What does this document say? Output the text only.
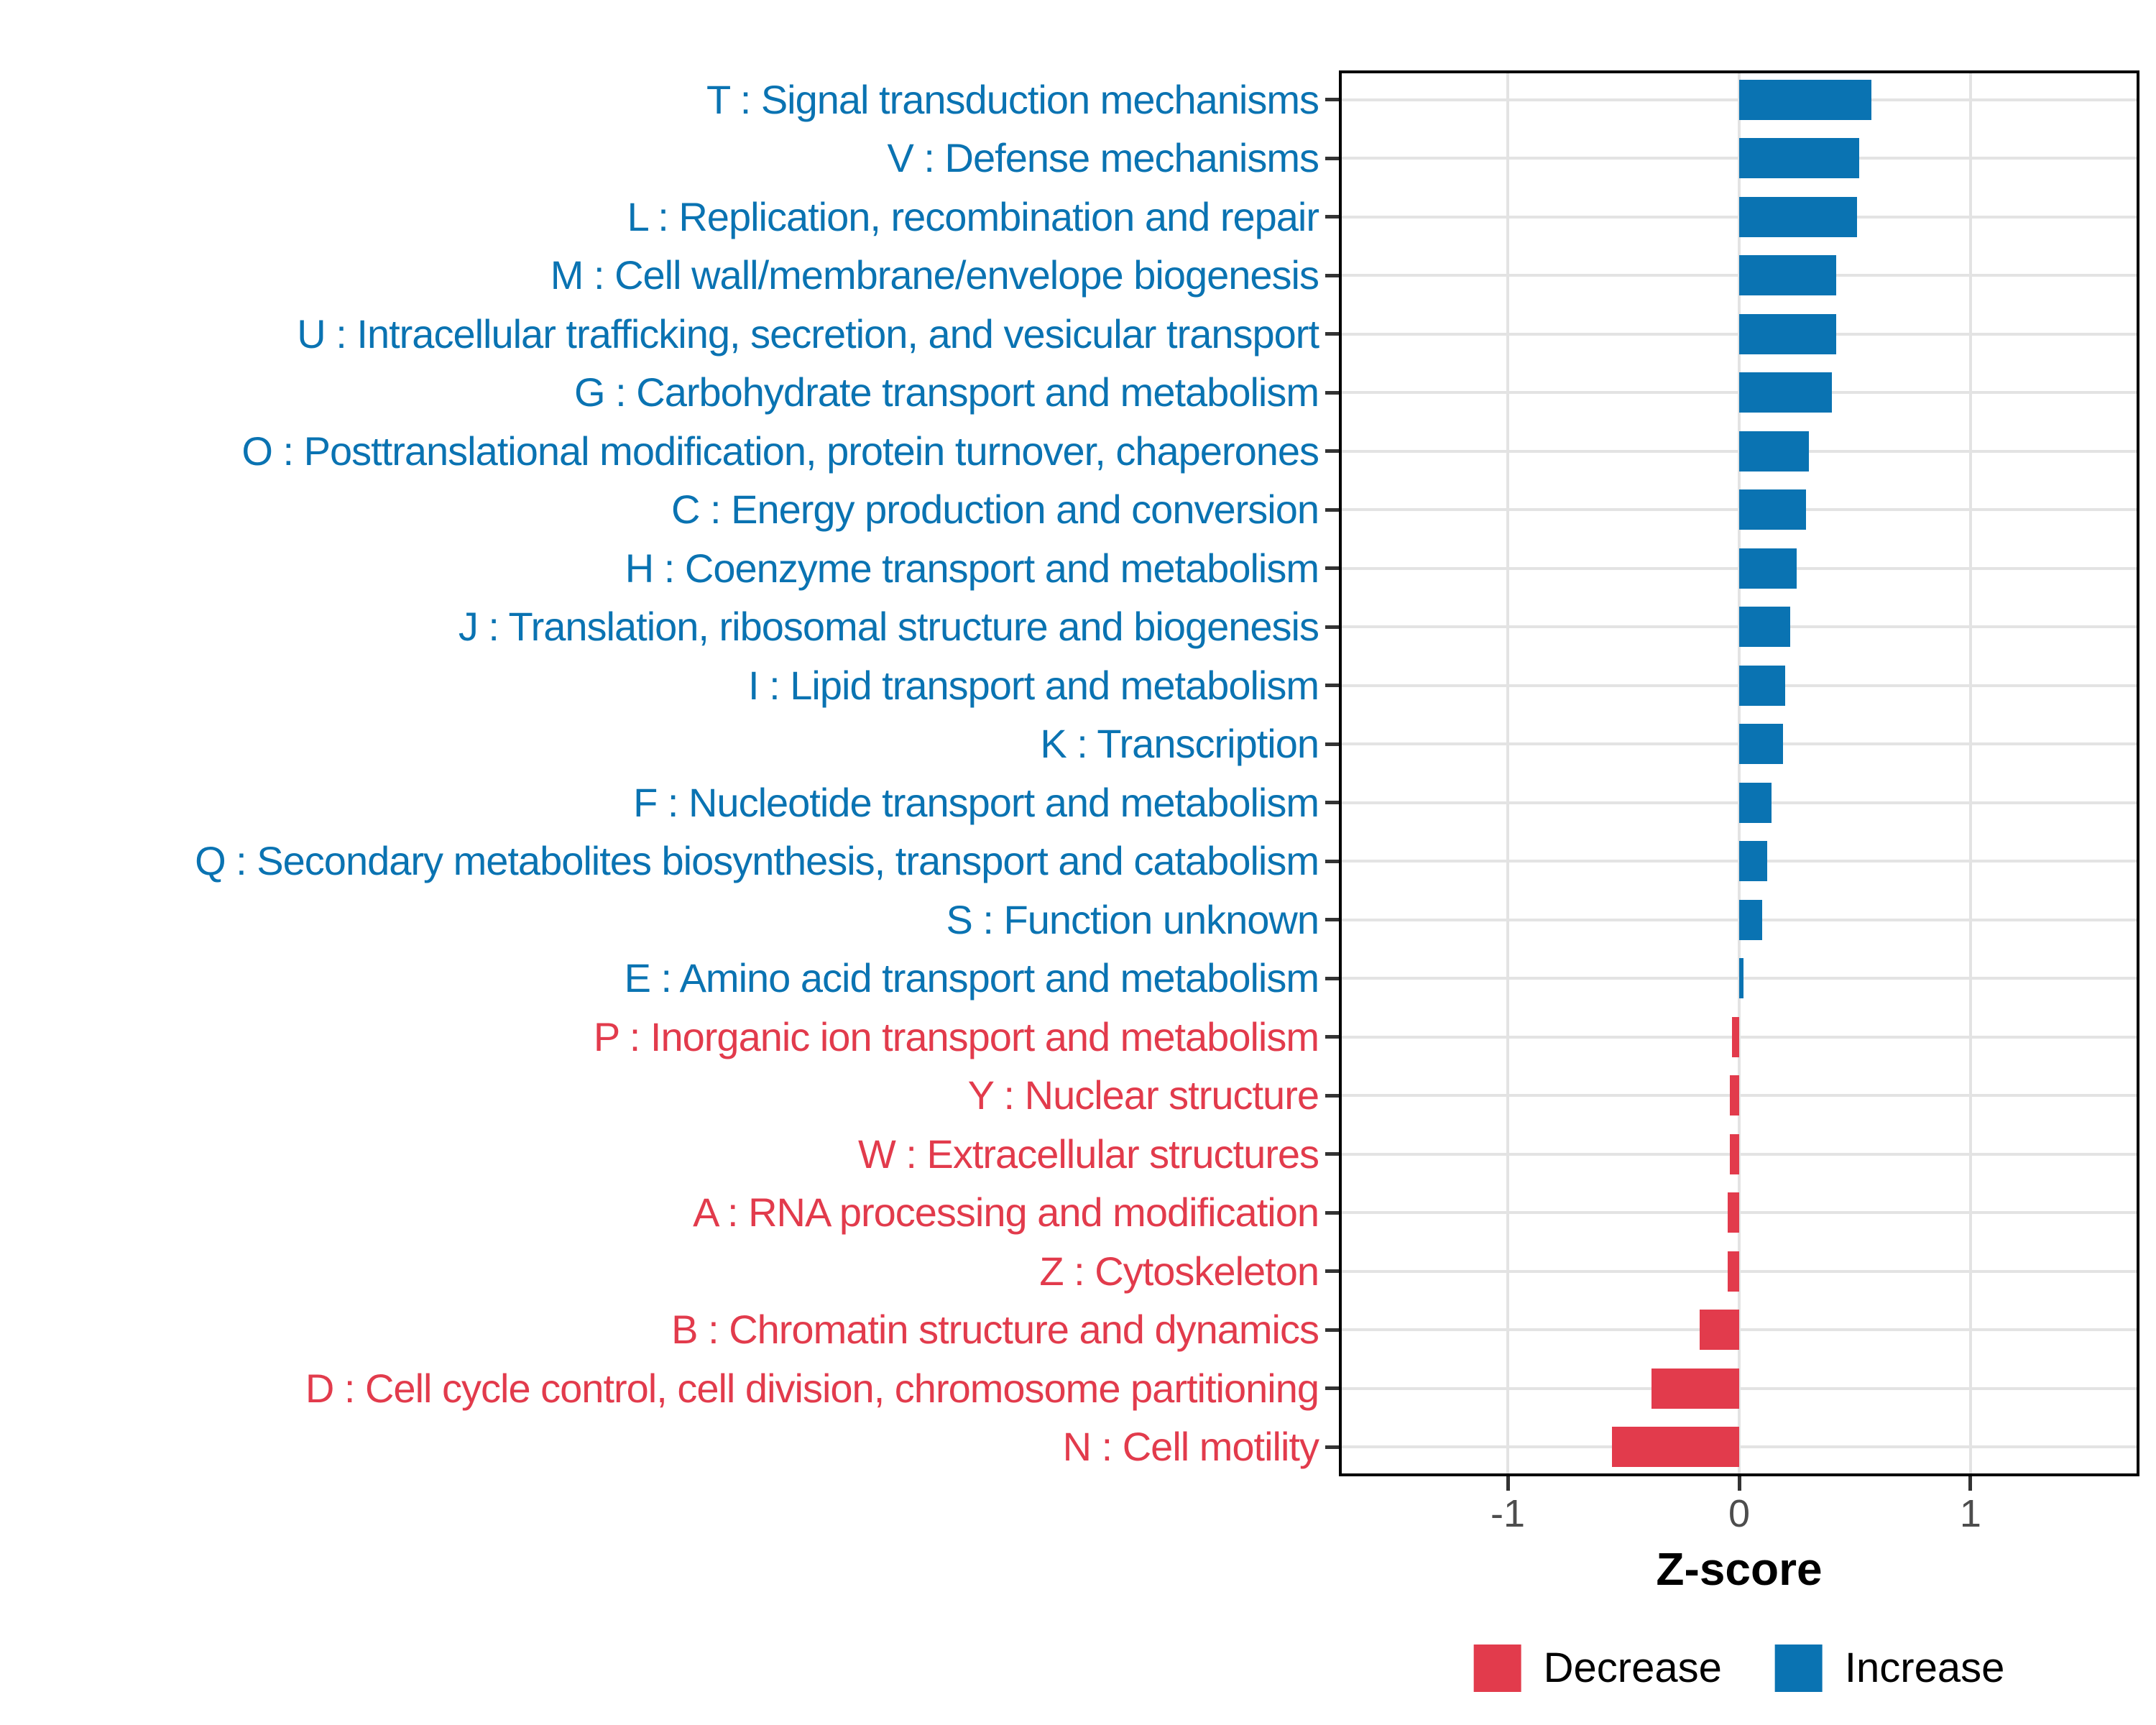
T : Signal transduction mechanisms
V : Defense mechanisms
L : Replication, recombination and repair
M : Cell wall/membrane/envelope biogenesis
U : Intracellular trafficking, secretion, and vesicular transport
G : Carbohydrate transport and metabolism
O : Posttranslational modification, protein turnover, chaperones
C : Energy production and conversion
H : Coenzyme transport and metabolism
J : Translation, ribosomal structure and biogenesis
I : Lipid transport and metabolism
K : Transcription
F : Nucleotide transport and metabolism
Q : Secondary metabolites biosynthesis, transport and catabolism
S : Function unknown
E : Amino acid transport and metabolism
P : Inorganic ion transport and metabolism
Y : Nuclear structure
W : Extracellular structures
A : RNA processing and modification
Z : Cytoskeleton
B : Chromatin structure and dynamics
D : Cell cycle control, cell division, chromosome partitioning
N : Cell motility
-1	0	1
Z-score
Decrease	Increase
